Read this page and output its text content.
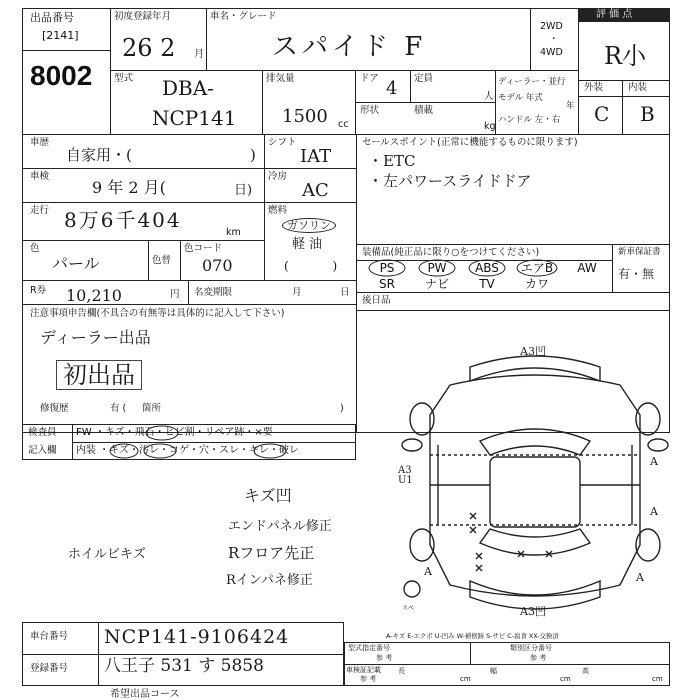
出品番号
[2141]
8002
初度登録年月
26 2 月
車名・グレード
スパイド F
2WD
・
4WD
評 価 点
R小
型式 DBA-
NCP141
排気量
1500 cc
ドア 4 定員
人
形状	積載
kg
ディーラー・並行
モデル 年式
年
ハンドル 左・右
外装	内装
C B
車歴
自家用・(	)
シフト
IAT
車検
9 年 2 月(	日)
冷房
AC
走行 8万6千404
km
燃料
ガソリン
軽 油
( )
色
パール	色替
色コード
070
R券 10,210	円 名変期限	月	日
セールスポイント(正常に機能するものに限ります)
・ETC
・左パワースライドドア
装備品(純正品に限り○をつけてください)	新車保証書
有・無
PS	PW	ABS	エアB	AW
SR	ナビ	TV	カワ
後日品
注意事項申告欄(不具合の有無等は具体的に記入して下さい)
ディーラー出品
初出品
修復歴	有 ( 箇所	)
検査員
記入欄
FW ・キズ・飛石・ヒビ割・リペア跡・×要
内装 ・キズ・汚レ・コゲ・穴・スレ・キレ・破レ
キズ凹
エンドパネル修正
ホイルビキズ	Rフロア先正
Rインパネ修正
A3凹
A3凹
A3 U1
A
A
A	A
スペ
A-キズ E-エクボ U-凹み W-補修跡 S-サビ C-腐食 XX-交換済
車台番号 NCP141-9106424
登録番号 八王子 531 す 5858
型式指定番号
参 考
類別区分番号
参 考
車検証記載
参 考
長
cm
幅
cm
高
cm
希望出品コース
